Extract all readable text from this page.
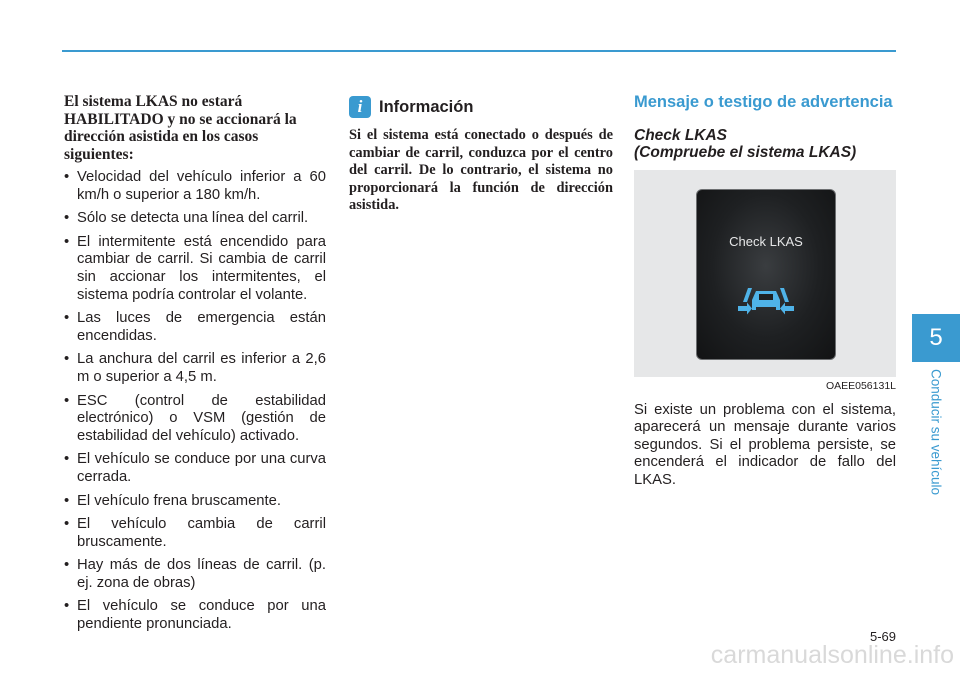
El sistema LKAS no estará HABILITADO y no se accionará la dirección asistida en los casos siguientes:

• Velocidad del vehículo inferior a 60 km/h o superior a 180 km/h.
• Sólo se detecta una línea del carril.
• El intermitente está encendido para cambiar de carril. Si cambia de carril sin accionar los intermitentes, el sistema podría controlar el volante.
• Las luces de emergencia están encendidas.
• La anchura del carril es inferior a 2,6 m o superior a 4,5 m.
• ESC (control de estabilidad electrónico) o VSM (gestión de estabilidad del vehículo) activado.
• El vehículo se conduce por una curva cerrada.
• El vehículo frena bruscamente.
• El vehículo cambia de carril bruscamente.
• Hay más de dos líneas de carril. (p. ej. zona de obras)
• El vehículo se conduce por una pendiente pronunciada.
i	Información

Si el sistema está conectado o después de cambiar de carril, conduzca por el centro del carril. De lo contrario, el sistema no proporcionará la función de dirección asistida.

Mensaje o testigo de advertencia
Check LKAS
(Compruebe el sistema LKAS)
Check LKAS
OAEE056131L

Si existe un problema con el sistema, aparecerá un mensaje durante varios segundos. Si el problema persiste, se encenderá el indicador de fallo del LKAS.

5
Conducir su vehículo
5-69
carmanualsonline.info
